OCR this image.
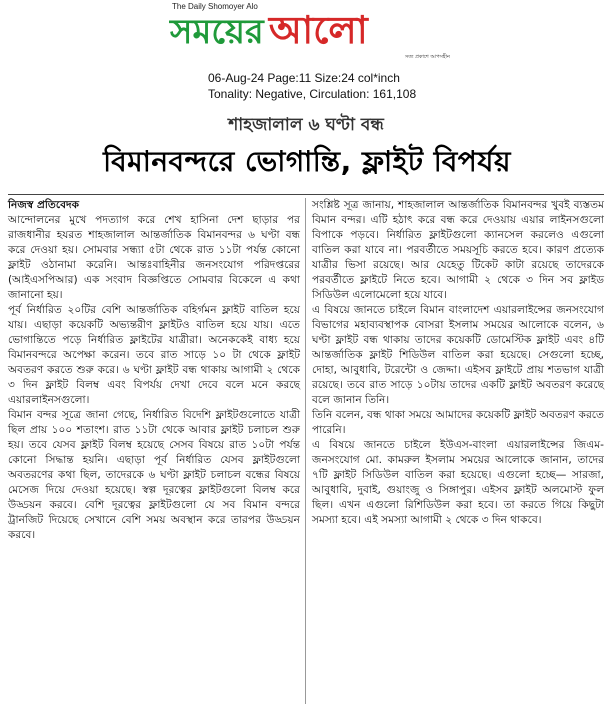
The Daily Shomoyer Alo
সময়ের আলো
সত্য প্রকাশে আপসহীন
06-Aug-24 Page:11 Size:24 col*inch
Tonality: Negative, Circulation: 161,108
শাহজালাল ৬ ঘণ্টা বন্ধ
বিমানবন্দরে ভোগান্তি, ফ্লাইট বিপর্যয়

নিজস্ব প্রতিবেদক

আন্দোলনের মুখে পদত্যাগ করে শেখ হাসিনা দেশ ছাড়ার পর রাজধানীর হযরত শাহজালাল আন্তর্জাতিক বিমানবন্দর ৬ ঘণ্টা বন্ধ করে দেওয়া হয়। সোমবার সন্ধ্যা ৫টা থেকে রাত ১১টা পর্যন্ত কোনো ফ্লাইট ওঠানামা করেনি। আন্তঃবাহিনীর জনসংযোগ পরিদপ্তরের (আইএসপিআর) এক সংবাদ বিজ্ঞপ্তিতে সোমবার বিকেলে এ কথা জানানো হয়।

পূর্ব নির্ধারিত ২০টির বেশি আন্তর্জাতিক বহির্গমন ফ্লাইট বাতিল হয়ে যায়। এছাড়া কয়েকটি অভ্যন্তরীণ ফ্লাইটও বাতিল হয়ে যায়। এতে ভোগান্তিতে পড়ে নির্ধারিত ফ্লাইটের যাত্রীরা। অনেককেই বাধ্য হয়ে বিমানবন্দরে অপেক্ষা করেন। তবে রাত সাড়ে ১০ টা থেকে ফ্লাইট অবতরণ করতে শুরু করে। ৬ ঘণ্টা ফ্লাইট বন্ধ থাকায় আগামী ২ থেকে ৩ দিন ফ্লাইট বিলম্ব এবং বিপর্যয় দেখা দেবে বলে মনে করছে এয়ারলাইনসগুলো।

বিমান বন্দর সূত্রে জানা গেছে, নির্ধারিত বিদেশি ফ্লাইটগুলোতে যাত্রী ছিল প্রায় ১০০ শতাংশ। রাত ১১টা থেকে আবার ফ্লাইট চলাচল শুরু হয়। তবে যেসব ফ্লাইট বিলম্ব হয়েছে সেসব বিষয়ে রাত ১০টা পর্যন্ত কোনো সিদ্ধান্ত হয়নি। এছাড়া পূর্ব নির্ধারিত যেসব ফ্লাইটগুলো অবতরণের কথা ছিল, তাদেরকে ৬ ঘণ্টা ফ্লাইট চলাচল বন্ধের বিষয়ে মেসেজ দিয়ে দেওয়া হয়েছে। স্বল্প দূরত্বের ফ্লাইটগুলো বিলম্ব করে উড্ডয়ন করবে। বেশি দূরত্বের ফ্লাইটগুলো যে সব বিমান বন্দরে ট্রানজিট দিয়েছে সেখানে বেশি সময় অবস্থান করে তারপর উড্ডয়ন করবে।

সংশ্লিষ্ট সূত্র জানায়, শাহজালাল আন্তর্জাতিক বিমানবন্দর খুবই ব্যস্ততম বিমান বন্দর। এটি হঠাৎ করে বন্ধ করে দেওয়ায় এয়ার লাইনসগুলো বিপাকে পড়বে। নির্ধারিত ফ্লাইটগুলো ক্যানসেল করলেও এগুলো বাতিল করা যাবে না। পরবর্তীতে সময়সূচি করতে হবে। কারণ প্রত্যেক যাত্রীর ভিসা রয়েছে। আর যেহেতু টিকেট কাটা রয়েছে তাদেরকে পরবর্তীতে ফ্লাইটে নিতে হবে। আগামী ২ থেকে ৩ দিন সব ফ্লাইড সিডিউল এলোমেলো হয়ে যাবে।

এ বিষয়ে জানতে চাইলে বিমান বাংলাদেশ এয়ারলাইন্সের জনসংযোগ বিভাগের মহাব্যবস্থাপক বোসরা ইসলাম সময়ের আলোকে বলেন, ৬ ঘণ্টা ফ্লাইট বন্ধ থাকায় তাদের কয়েকটি ডোমেস্টিক ফ্লাইট এবং ৪টি আন্তর্জাতিক ফ্লাইট শিডিউল বাতিল করা হয়েছে। সেগুলো হচ্ছে, দোহা, আবুধাবি, টরেন্টো ও জেদ্দা। এইসব ফ্লাইটে প্রায় শতভাগ যাত্রী রয়েছে। তবে রাত সাড়ে ১০টায় তাদের একটি ফ্লাইট অবতরণ করেছে বলে জানান তিনি।

তিনি বলেন, বন্ধ থাকা সময়ে আমাদের কয়েকটি ফ্লাইট অবতরণ করতে পারেনি।

এ বিষয়ে জানতে চাইলে ইউএস-বাংলা এয়ারলাইন্সের জিএম-জনসংযোগ মো. কামরুল ইসলাম সময়ের আলোকে জানান, তাদের ৭টি ফ্লাইট সিডিউল বাতিল করা হয়েছে। এগুলো হচ্ছে— সারজা, আবুধাবি, দুবাই, গুয়াংজু ও সিঙ্গাপুর। এইসব ফ্লাইট অলমোস্ট ফুল ছিল। এখন এগুলো রিশিডিউল করা হবে। তা করতে গিয়ে কিছুটা সমস্যা হবে। এই সমস্যা আগামী ২ থেকে ৩ দিন থাকবে।
